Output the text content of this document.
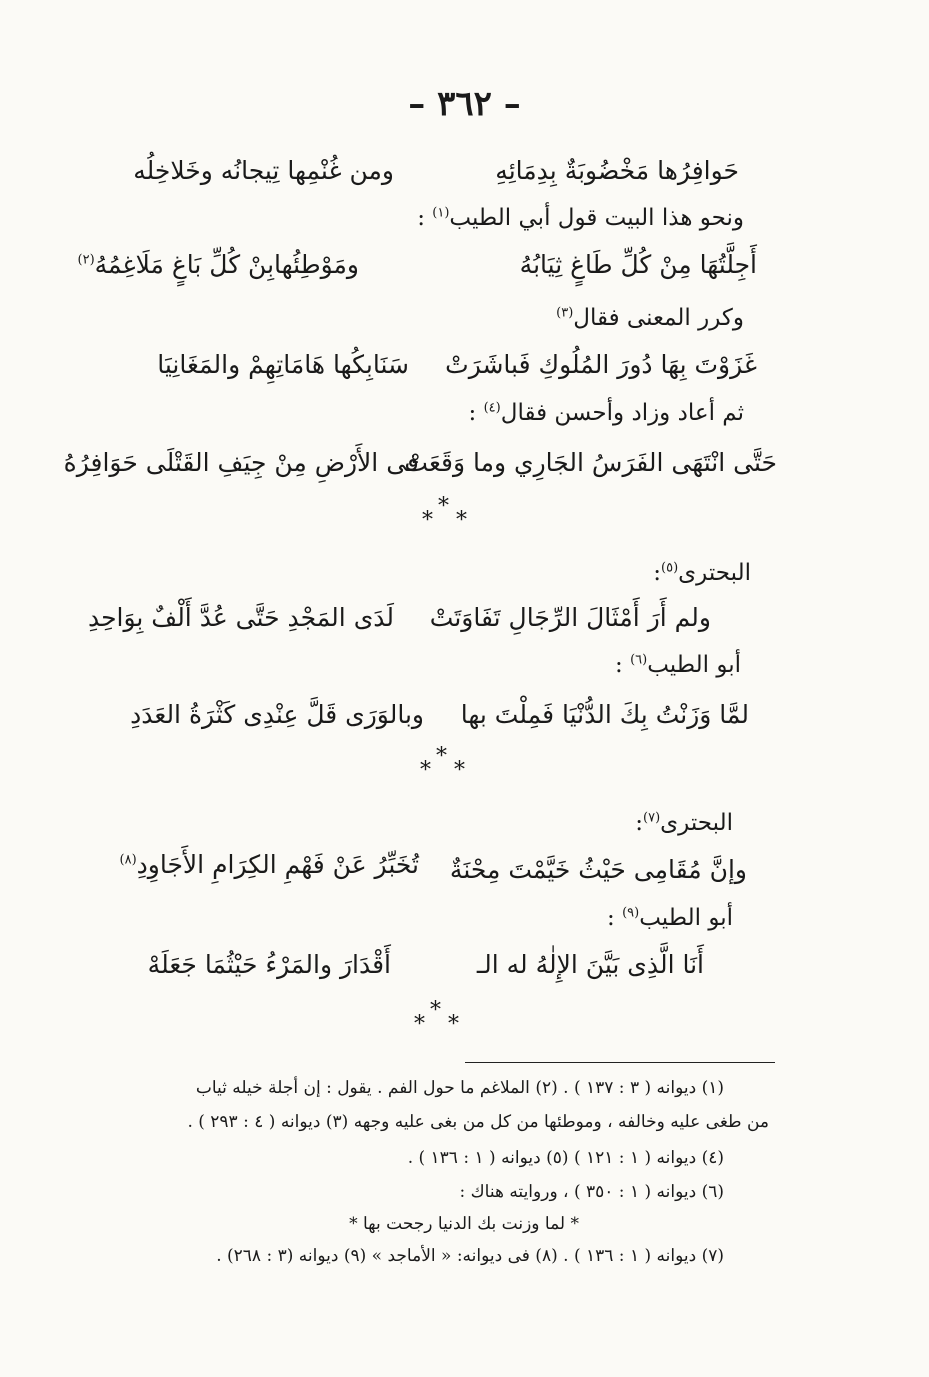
– ٣٦٢ –
حَوافِرُها مَخْضُوبَةٌ بِدِمَائِهِ
ومن غُنْمِها تِيجانُه وخَلاخِلُه
ونحو هذا البيت قول أبي الطيب$^{(١)}$ :
أَجِلَّتُهَا مِنْ كُلِّ طَاغٍ ثِيَابُهُ
ومَوْطِئُهابِنْ كُلِّ بَاغٍ مَلَاغِمُهُ$^{(٢)}$
وكرر المعنى فقال$^{(٣)}$
غَزَوْتَ بِهَا دُورَ المُلُوكِ فَباشَرَتْ
سَنَابِكُها هَامَاتِهِمْ والمَغَانِيَا
ثم أعاد وزاد وأحسن فقال$^{(٤)}$ :
حَتَّى انْتَهَى الفَرَسُ الجَارِي وما وَقَعَتْ
فى الأَرْضِ مِنْ جِيَفِ القَتْلَى حَوَافِرُهُ
*
* *
البحترى$^{(٥)}$:
ولم أَرَ أَمْثَالَ الرِّجَالِ تَفَاوَتَتْ
لَدَى المَجْدِ حَتَّى عُدَّ أَلْفٌ بِوَاحِدِ
أبو الطيب$^{(٦)}$ :
لمَّا وَزَنْتُ بِكَ الدُّنْيَا فَمِلْتَ بها
وبالوَرَى قَلَّ عِنْدِى كَثْرَةُ العَدَدِ
*
* *
البحترى$^{(٧)}$:
وإنَّ مُقَامِى حَيْثُ خَيَّمْتَ مِحْنَةٌ
تُخَبِّرُ عَنْ فَهْمِ الكِرَامِ الأَجَاوِدِ$^{(٨)}$
أبو الطيب$^{(٩)}$ :
أَنَا الَّذِى بَيَّنَ الإِلٰهُ له الـ
أَقْدَارَ والمَرْءُ حَيْثُمَا جَعَلَهْ
*
* *
(١) ديوانه ( ٣ : ١٣٧ ) . (٢) الملاغم ما حول الفم . يقول : إن أجلة خيله ثياب
من طغى عليه وخالفه ، وموطئها من كل من بغى عليه وجهه (٣) ديوانه ( ٤ : ٢٩٣ ) .
(٤) ديوانه ( ١ : ١٢١ ) (٥) ديوانه ( ١ : ١٣٦ ) .
(٦) ديوانه ( ١ : ٣٥٠ ) ، وروايته هناك :
* لما وزنت بك الدنيا رجحت بها *
(٧) ديوانه ( ١ : ١٣٦ ) . (٨) فى ديوانه: « الأماجد » (٩) ديوانه (٣ : ٢٦٨) .
